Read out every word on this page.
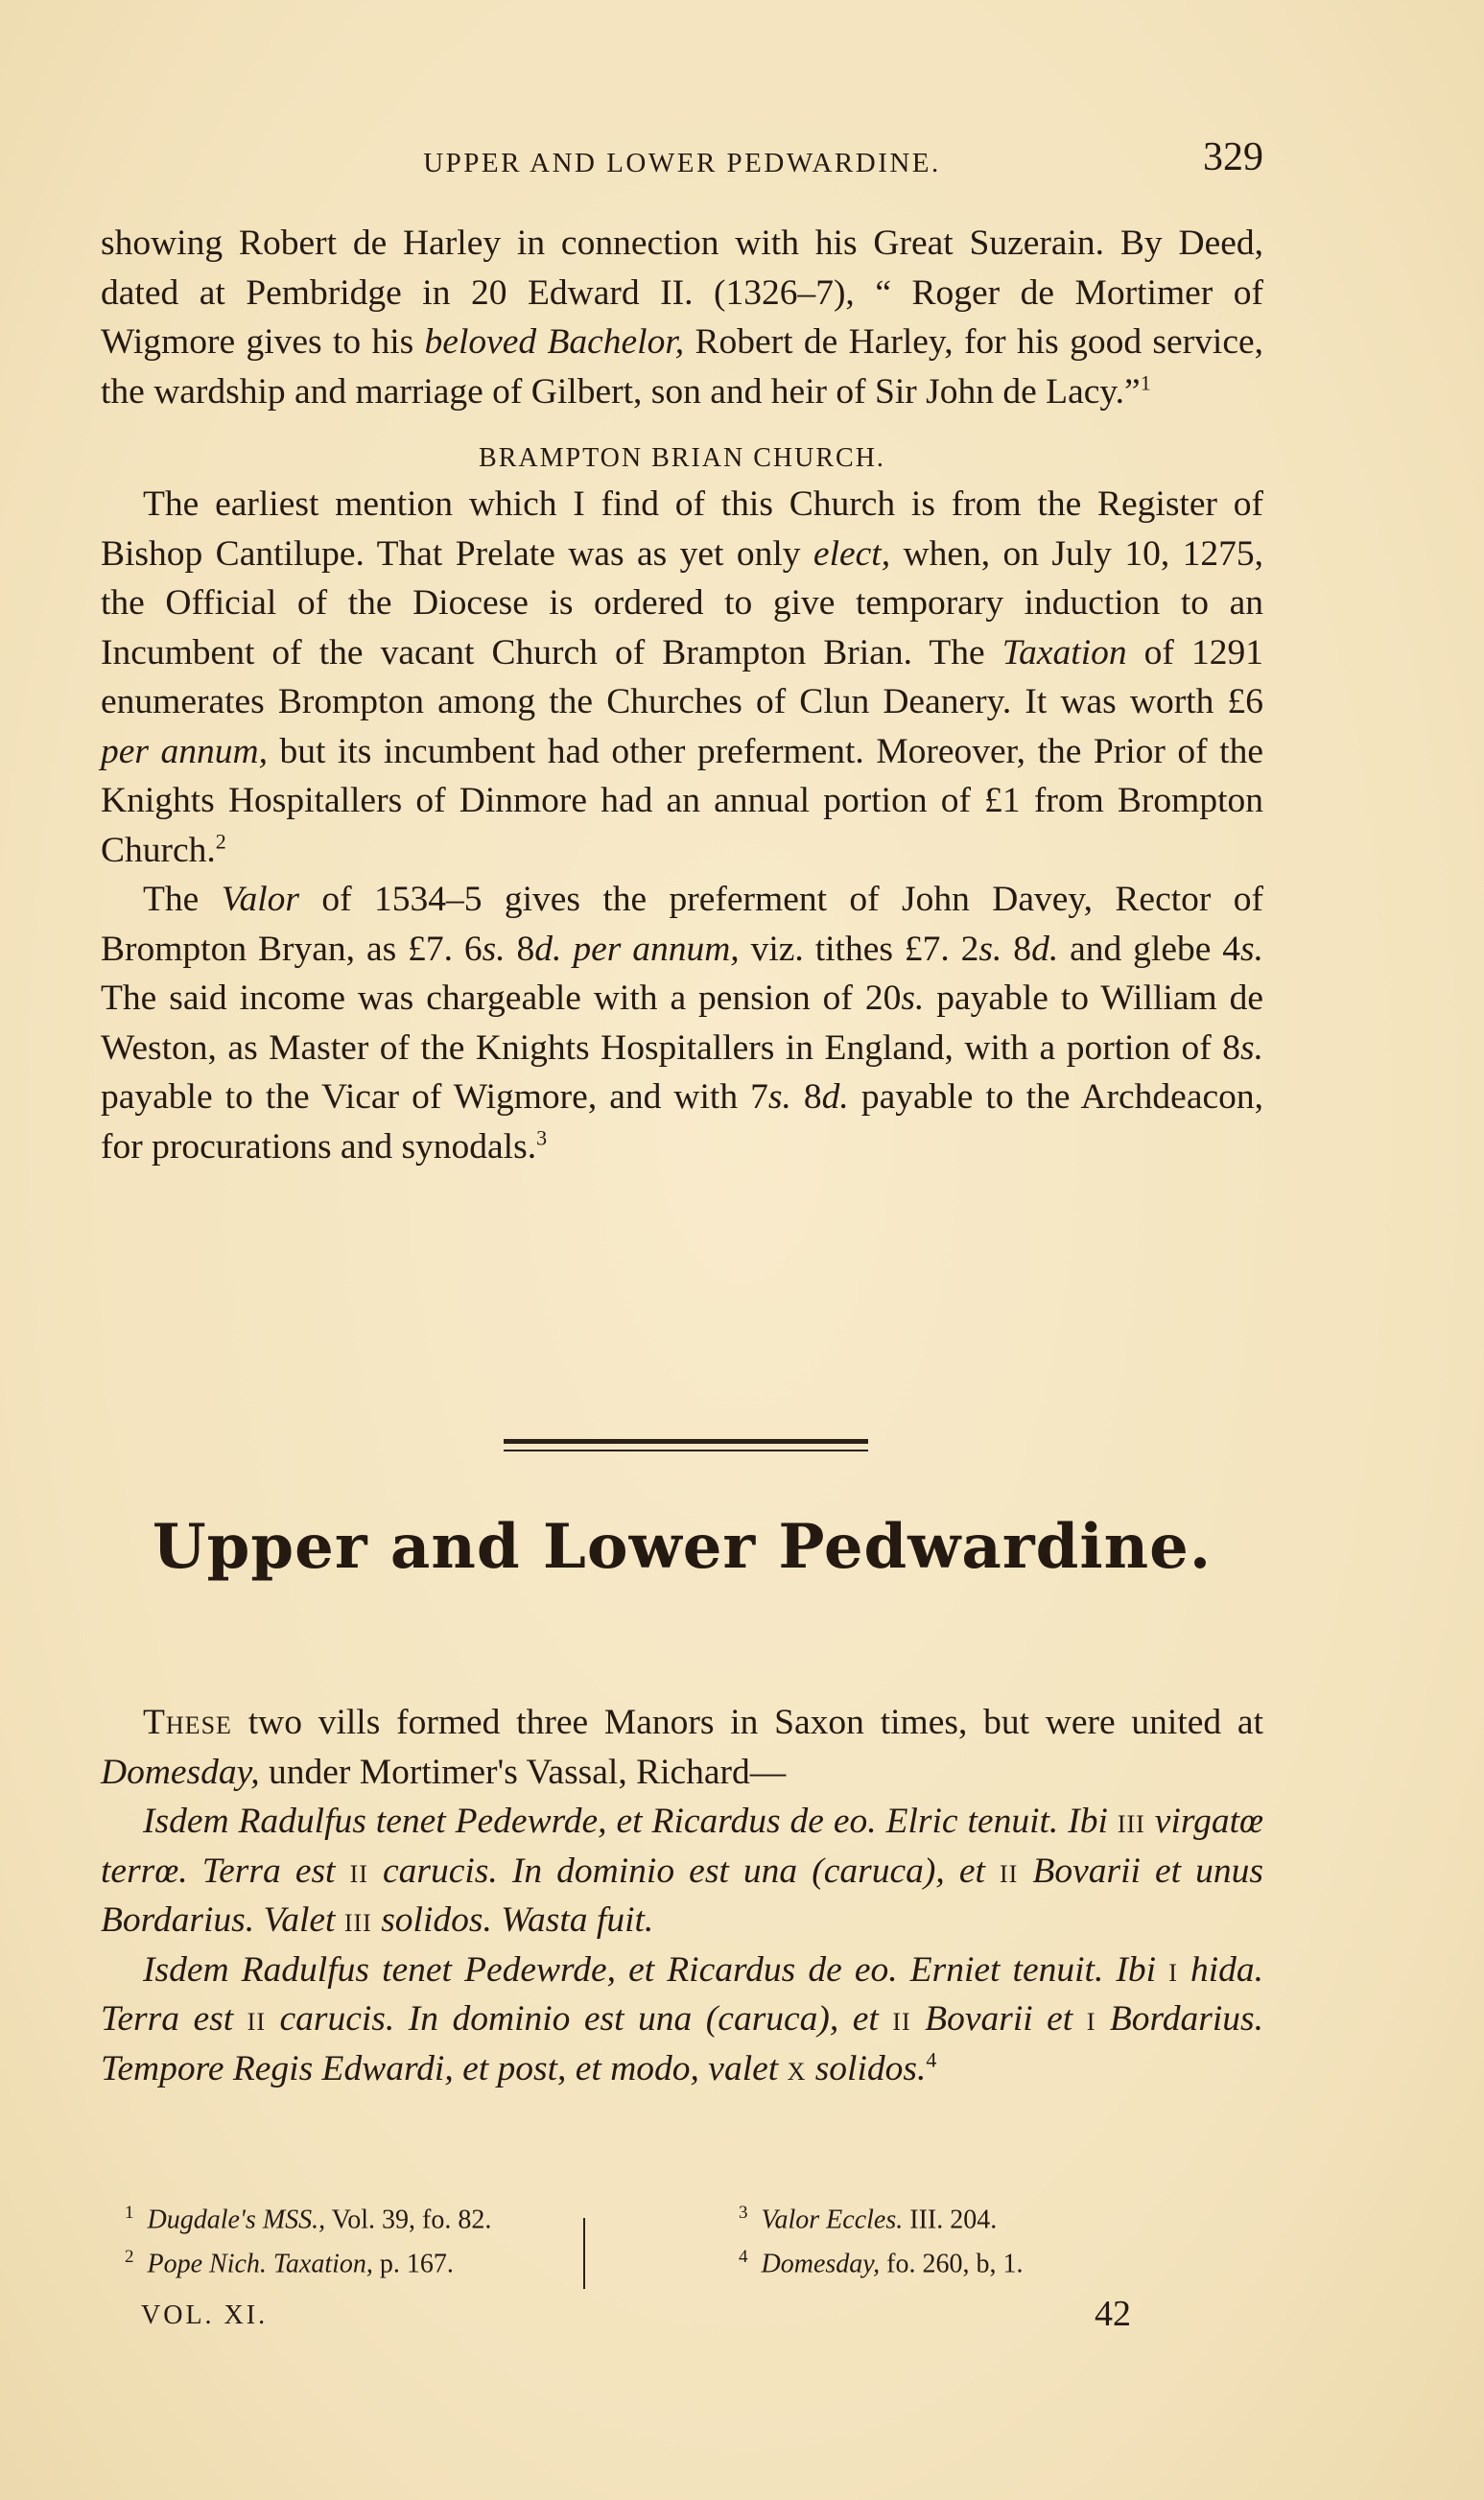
UPPER AND LOWER PEDWARDINE.	329

showing Robert de Harley in connection with his Great Suzerain. By Deed, dated at Pembridge in 20 Edward II. (1326–7), “ Roger de Mortimer of Wigmore gives to his beloved Bachelor, Robert de Harley, for his good service, the wardship and marriage of Gilbert, son and heir of Sir John de Lacy.”$^1$

BRAMPTON BRIAN CHURCH.

The earliest mention which I find of this Church is from the Register of Bishop Cantilupe. That Prelate was as yet only elect, when, on July 10, 1275, the Official of the Diocese is ordered to give temporary induction to an Incumbent of the vacant Church of Brampton Brian. The Taxation of 1291 enumerates Brompton among the Churches of Clun Deanery. It was worth £6 per annum, but its incumbent had other preferment. Moreover, the Prior of the Knights Hospitallers of Dinmore had an annual portion of £1 from Brompton Church.$^2$

The Valor of 1534–5 gives the preferment of John Davey, Rector of Brompton Bryan, as £7. 6s. 8d. per annum, viz. tithes £7. 2s. 8d. and glebe 4s. The said income was chargeable with a pension of 20s. payable to William de Weston, as Master of the Knights Hospitallers in England, with a portion of 8s. payable to the Vicar of Wigmore, and with 7s. 8d. payable to the Archdeacon, for procurations and synodals.$^3$

Upper and Lower Pedwardine.

These two vills formed three Manors in Saxon times, but were united at Domesday, under Mortimer's Vassal, Richard—

Isdem Radulfus tenet Pedewrde, et Ricardus de eo. Elric tenuit. Ibi iii virgatœ terrœ. Terra est ii carucis. In dominio est una (caruca), et ii Bovarii et unus Bordarius. Valet iii solidos. Wasta fuit.

Isdem Radulfus tenet Pedewrde, et Ricardus de eo. Erniet tenuit. Ibi i hida. Terra est ii carucis. In dominio est una (caruca), et ii Bovarii et i Bordarius. Tempore Regis Edwardi, et post, et modo, valet x solidos.$^4$

$^1$ Dugdale's MSS., Vol. 39, fo. 82.
$^2$ Pope Nich. Taxation, p. 167.
$^3$ Valor Eccles. III. 204.
$^4$ Domesday, fo. 260, b, 1.
VOL. XI.	42
